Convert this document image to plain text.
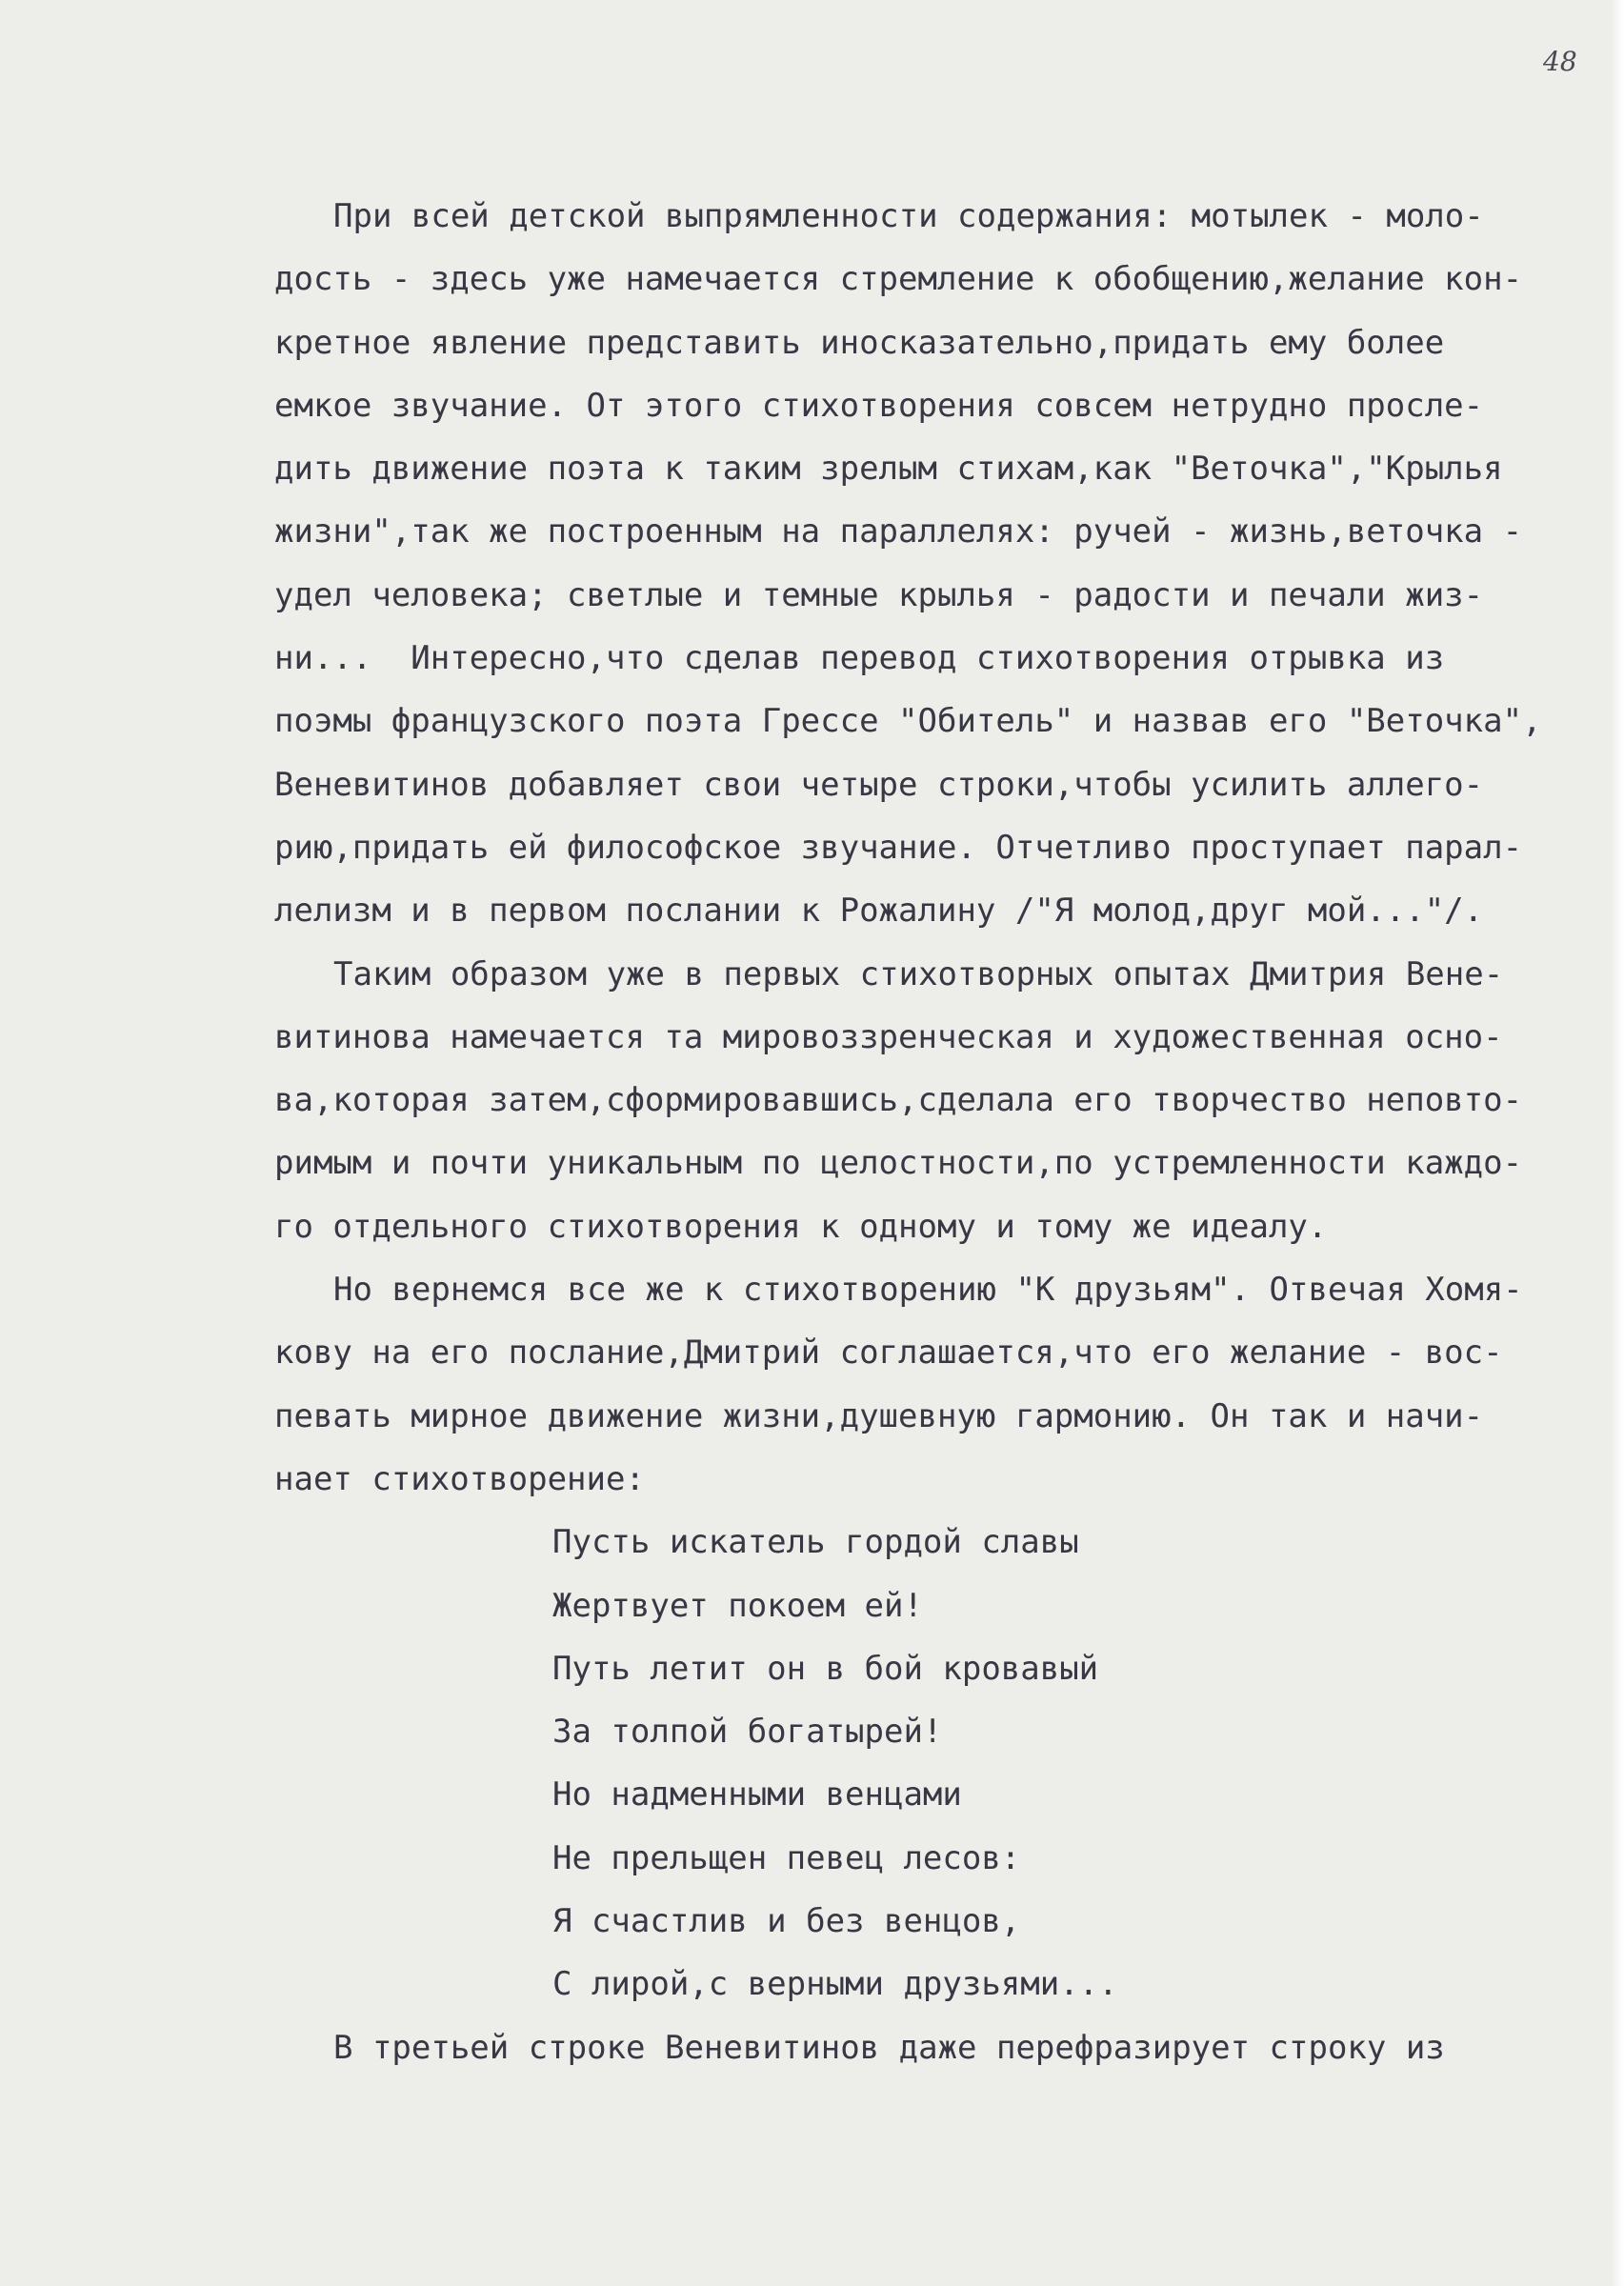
48
При всей детской выпрямленности содержания: мотылек - моло-
дость - здесь уже намечается стремление к обобщению,желание кон-
кретное явление представить иносказательно,придать ему более
емкое звучание. От этого стихотворения совсем нетрудно просле-
дить движение поэта к таким зрелым стихам,как "Веточка","Крылья
жизни",так же построенным на параллелях: ручей - жизнь,веточка -
удел человека; светлые и темные крылья - радости и печали жиз-
ни...  Интересно,что сделав перевод стихотворения отрывка из
поэмы французского поэта Грессе "Обитель" и назвав его "Веточка",
Веневитинов добавляет свои четыре строки,чтобы усилить аллего-
рию,придать ей философское звучание. Отчетливо проступает парал-
лелизм и в первом послании к Рожалину /"Я молод,друг мой..."/.
Таким образом уже в первых стихотворных опытах Дмитрия Вене-
витинова намечается та мировоззренческая и художественная осно-
ва,которая затем,сформировавшись,сделала его творчество неповто-
римым и почти уникальным по целостности,по устремленности каждо-
го отдельного стихотворения к одному и тому же идеалу.
Но вернемся все же к стихотворению "К друзьям". Отвечая Хомя-
кову на его послание,Дмитрий соглашается,что его желание - вос-
певать мирное движение жизни,душевную гармонию. Он так и начи-
нает стихотворение:
Пусть искатель гордой славы
Жертвует покоем ей!
Путь летит он в бой кровавый
За толпой богатырей!
Но надменными венцами
Не прельщен певец лесов:
Я счастлив и без венцов,
С лирой,с верными друзьями...
В третьей строке Веневитинов даже перефразирует строку из
